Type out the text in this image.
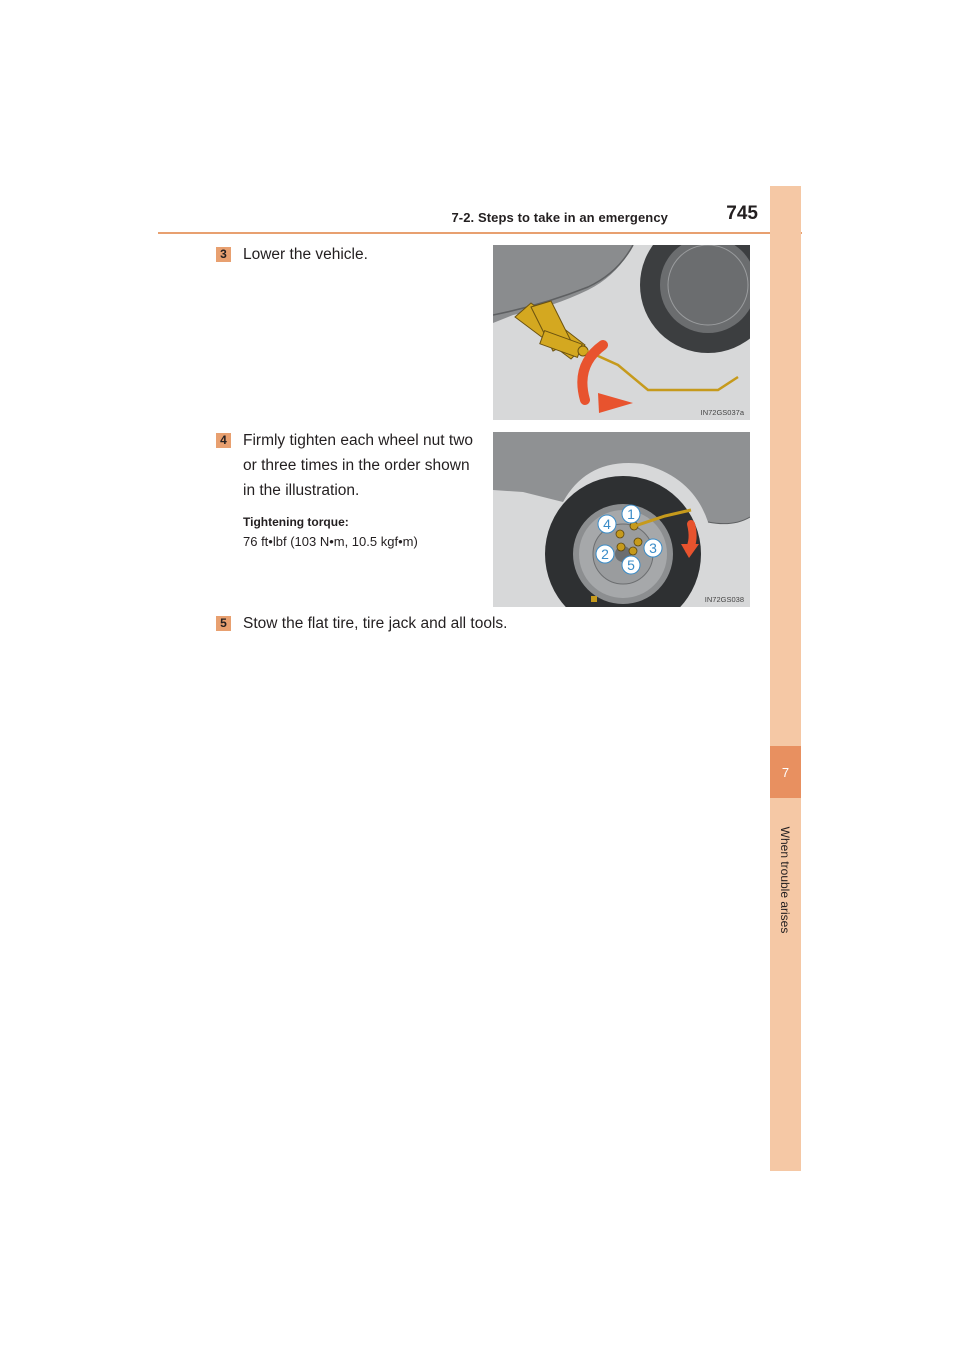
7-2. Steps to take in an emergency	745
7
When trouble arises
3 Lower the vehicle.
4 Firmly tighten each wheel nut two or three times in the order shown in the illustration.
Tightening torque:
76 ft•lbf (103 N•m, 10.5 kgf•m)
5 Stow the flat tire, tire jack and all tools.
IN72GS037a
1
2	3
4
5
IN72GS038
